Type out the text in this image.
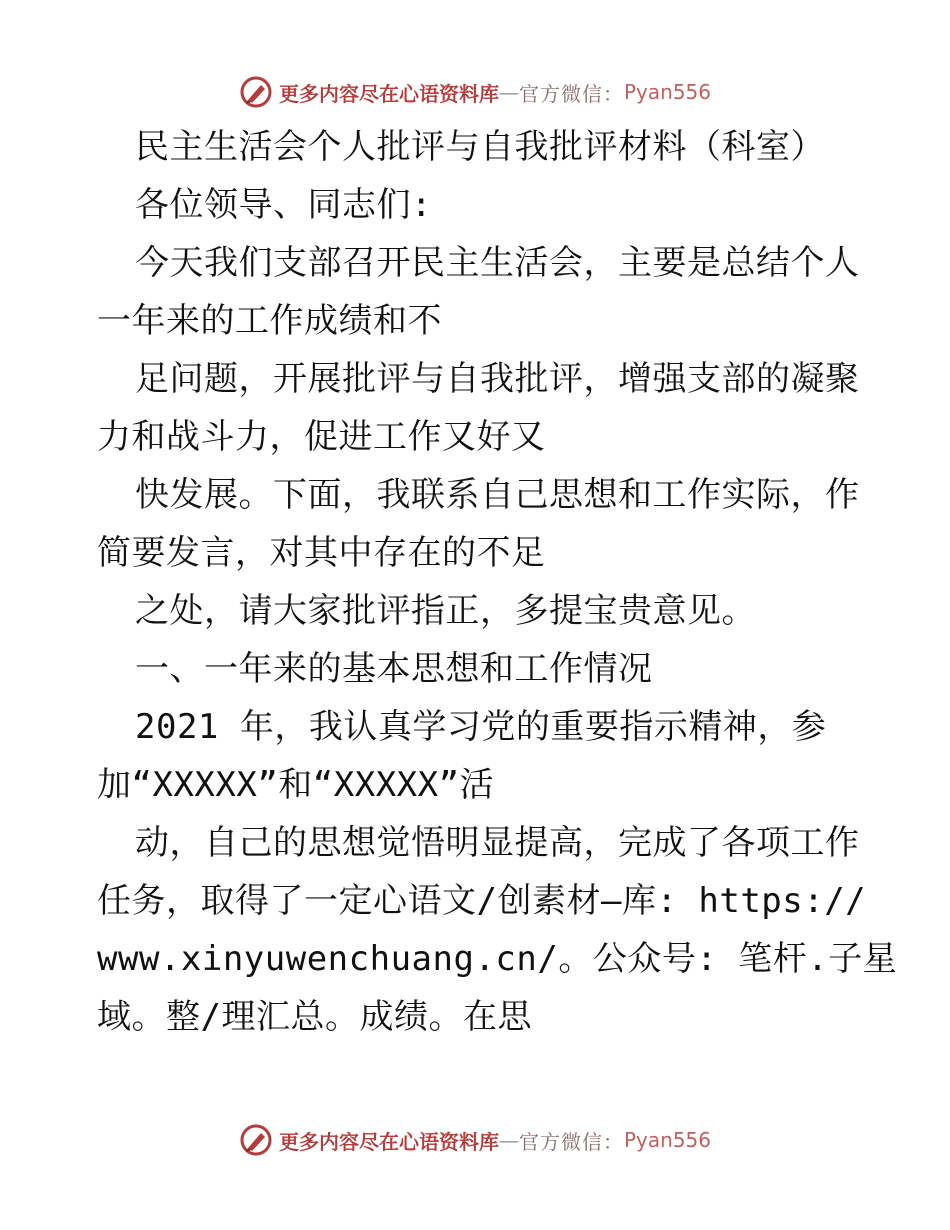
更多内容尽在心语资料库 — 官方微信： Pyan556
民主生活会个人批评与自我批评材料（科室）
各位领导、同志们:
今天我们支部召开民主生活会，主要是总结个人
一年来的工作成绩和不
足问题，开展批评与自我批评，增强支部的凝聚
力和战斗力，促进工作又好又
快发展。下面，我联系自己思想和工作实际，作
简要发言，对其中存在的不足
之处，请大家批评指正，多提宝贵意见。
一、一年来的基本思想和工作情况
2021 年，我认真学习党的重要指示精神，参
加“XXXXX”和“XXXXX”活
动，自己的思想觉悟明显提高，完成了各项工作
任务，取得了一定心语文/创素材—库: https://
www.xinyuwenchuang.cn/。公众号: 笔杆.子星
域。整/理汇总。成绩。在思
更多内容尽在心语资料库 — 官方微信： Pyan556
